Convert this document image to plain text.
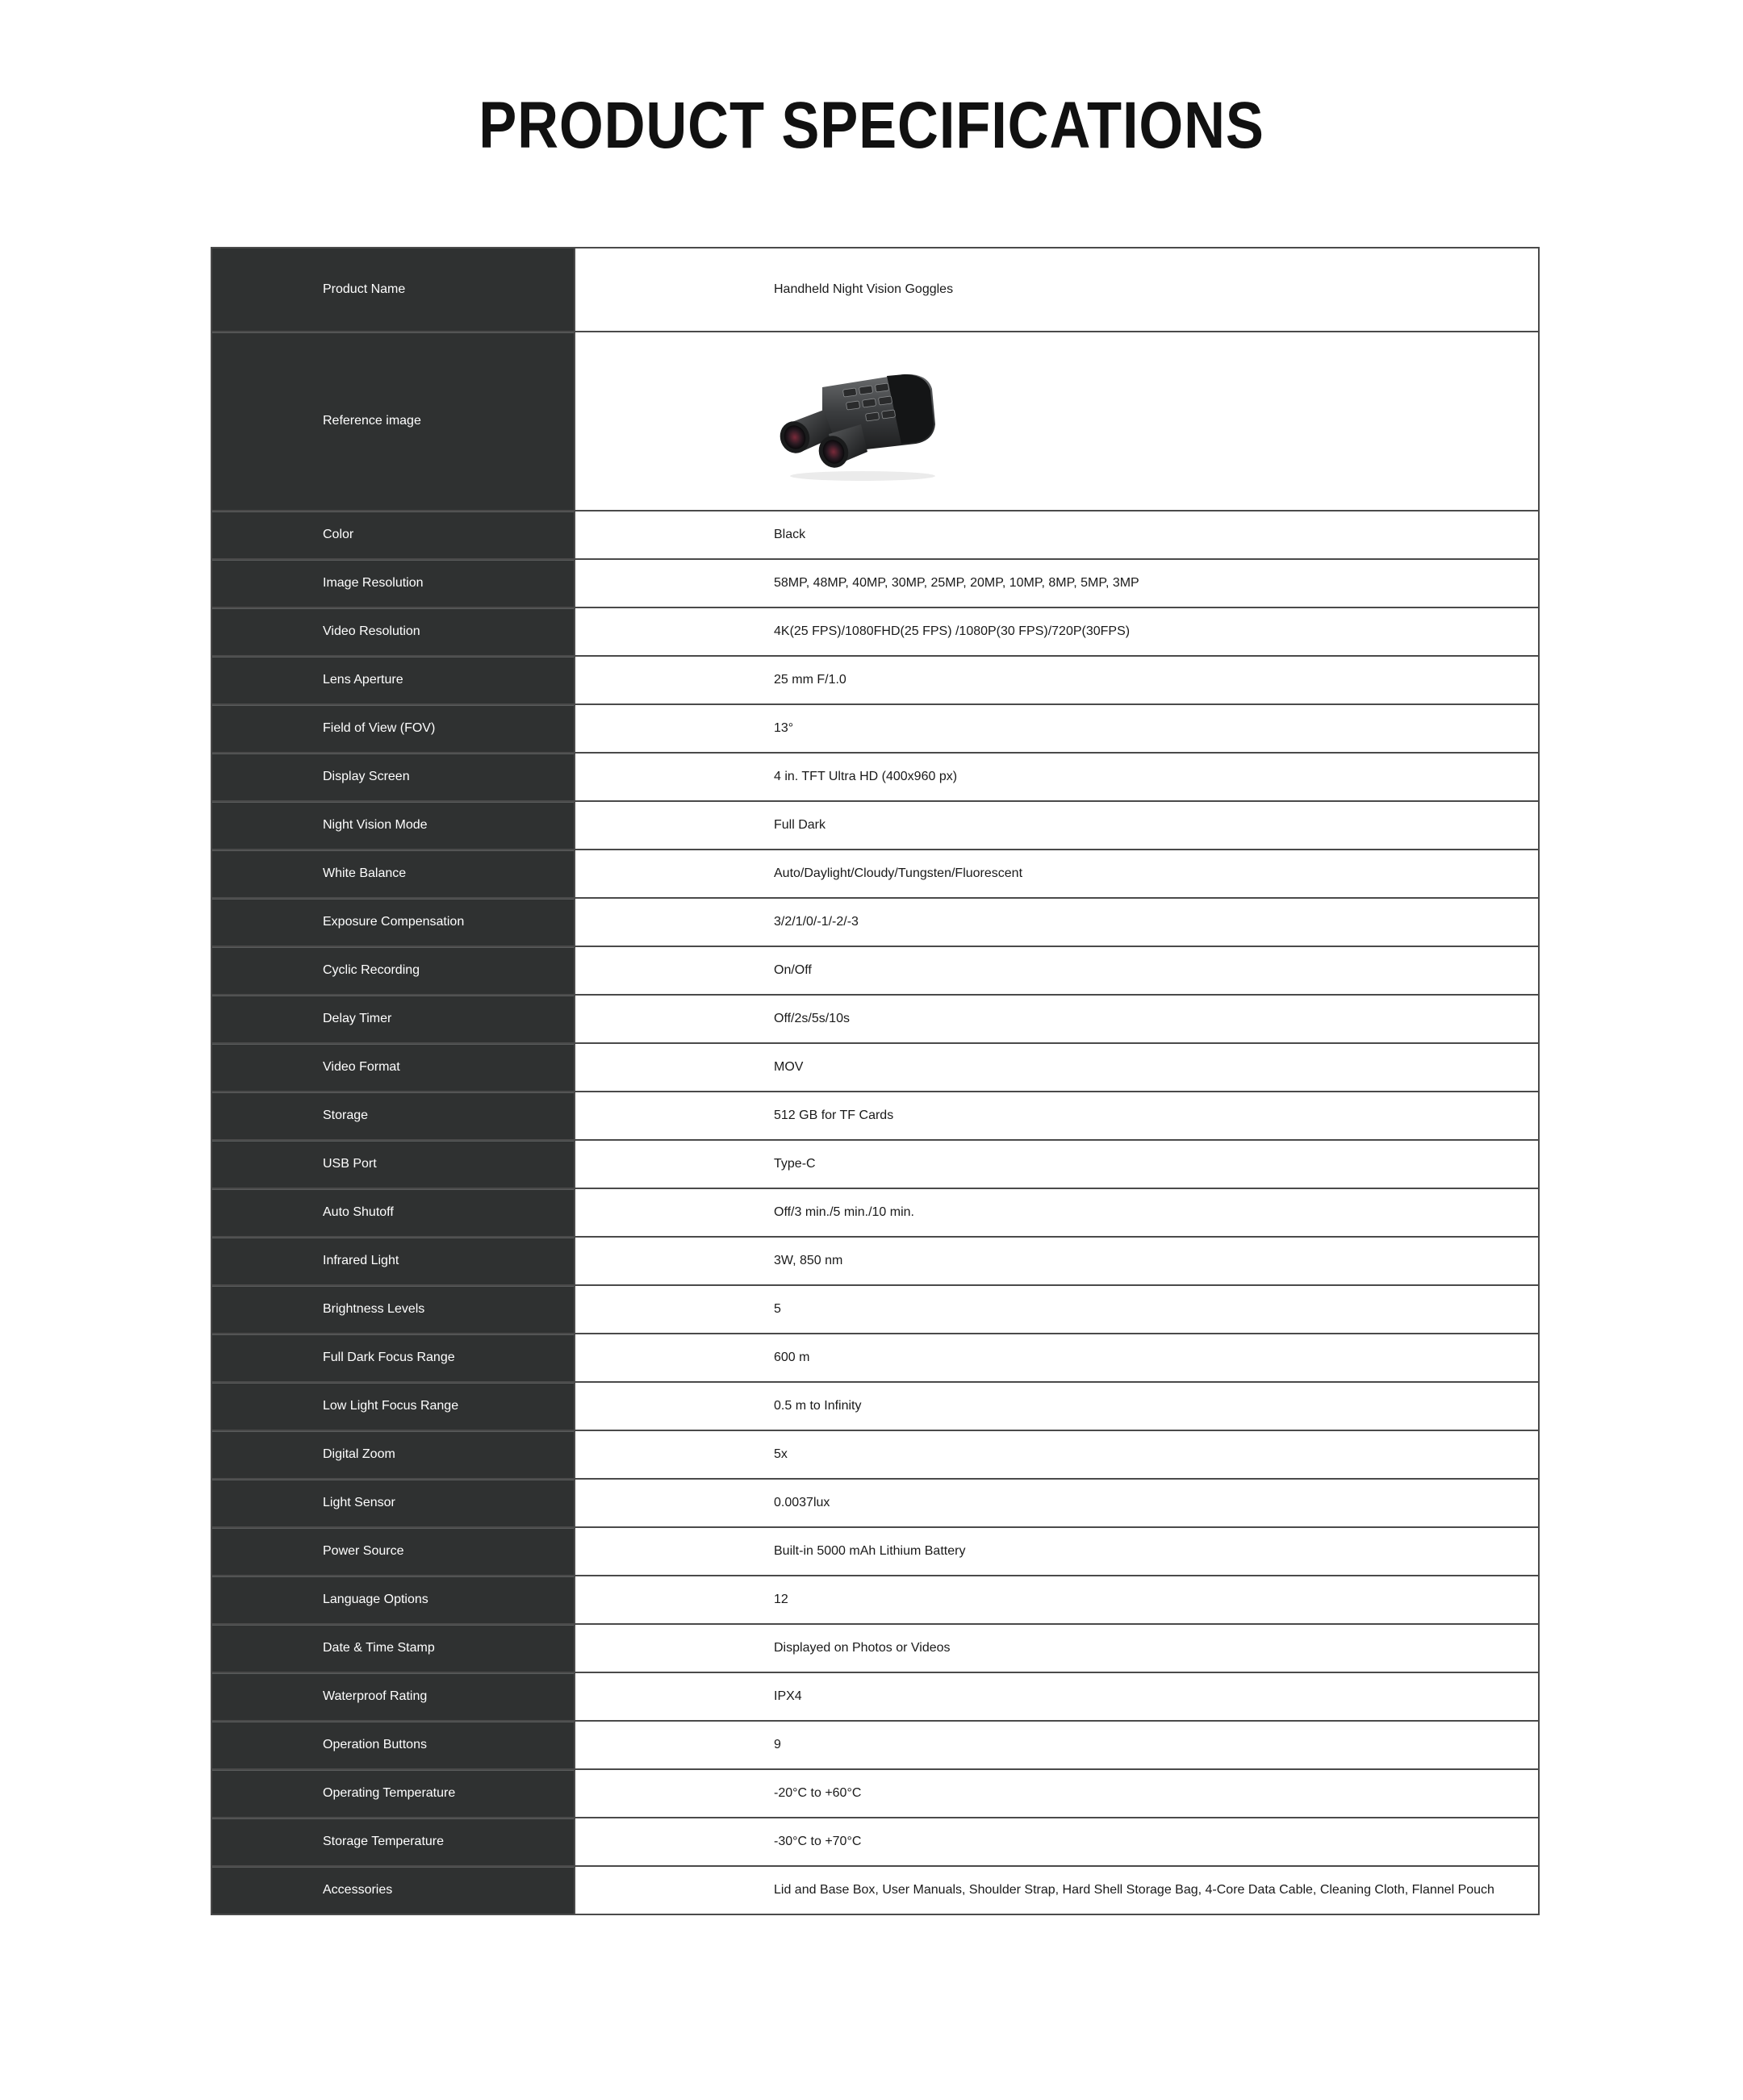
PRODUCT SPECIFICATIONS
Product Name	Handheld Night Vision Goggles
Reference image
Color	Black
Image Resolution	58MP, 48MP, 40MP, 30MP, 25MP, 20MP, 10MP, 8MP, 5MP, 3MP
Video Resolution	4K(25 FPS)/1080FHD(25 FPS) /1080P(30 FPS)/720P(30FPS)
Lens Aperture	25 mm F/1.0
Field of View (FOV)	13°
Display Screen	4 in. TFT Ultra HD (400x960 px)
Night Vision Mode	Full Dark
White Balance	Auto/Daylight/Cloudy/Tungsten/Fluorescent
Exposure Compensation	3/2/1/0/-1/-2/-3
Cyclic Recording	On/Off
Delay Timer	Off/2s/5s/10s
Video Format	MOV
Storage	512 GB for TF Cards
USB Port	Type-C
Auto Shutoff	Off/3 min./5 min./10 min.
Infrared Light	3W, 850 nm
Brightness Levels	5
Full Dark Focus Range	600 m
Low Light Focus Range	0.5 m to Infinity
Digital Zoom	5x
Light Sensor	0.0037lux
Power Source	Built-in 5000 mAh Lithium Battery
Language Options	12
Date & Time Stamp	Displayed on Photos or Videos
Waterproof Rating	IPX4
Operation Buttons	9
Operating Temperature	-20°C to +60°C
Storage Temperature	-30°C to +70°C
Accessories	Lid and Base Box, User Manuals, Shoulder Strap, Hard Shell Storage Bag, 4-Core Data Cable, Cleaning Cloth, Flannel Pouch
